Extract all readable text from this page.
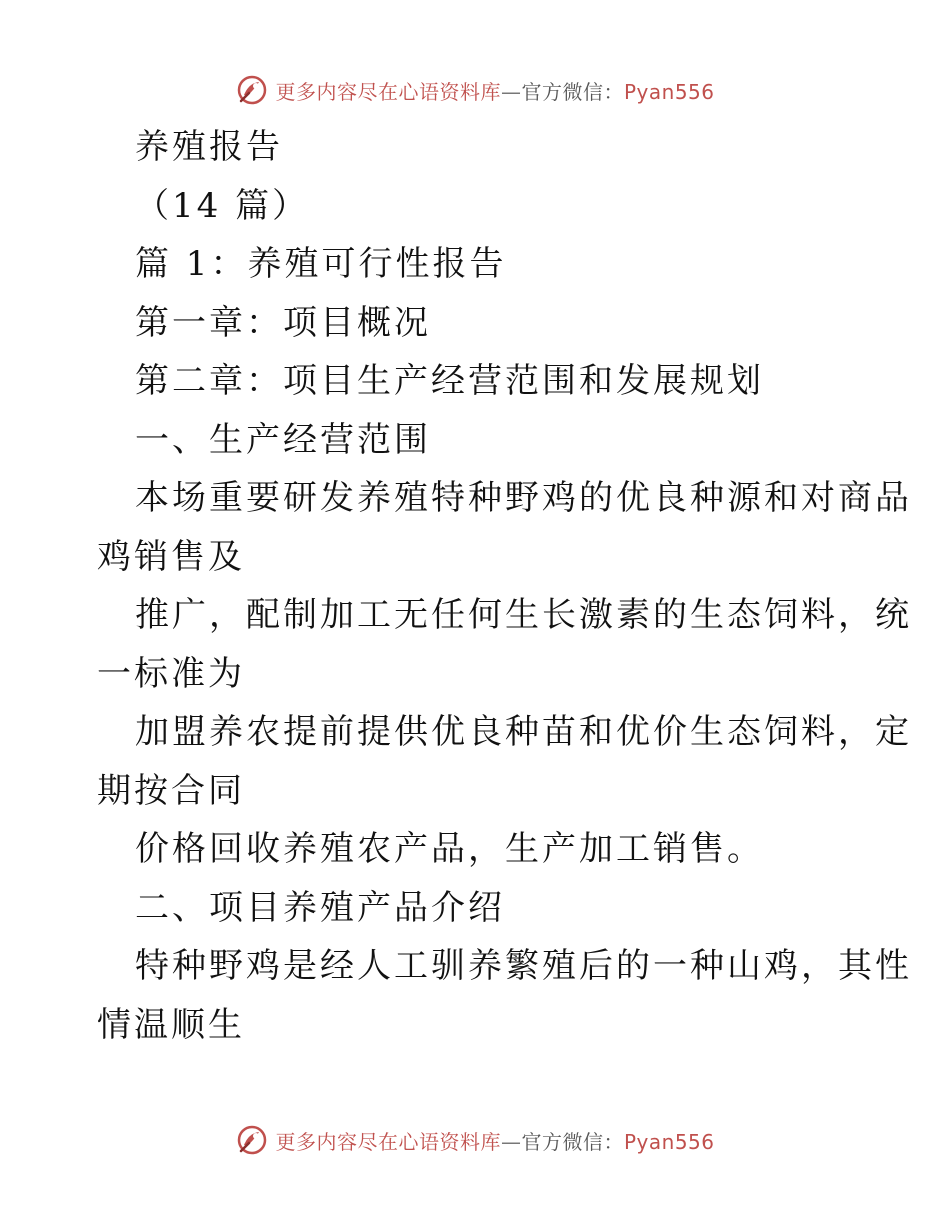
更多内容尽在心语资料库—官方微信：Pyan556
养殖报告
（14 篇）
篇 1：养殖可行性报告
第一章：项目概况
第二章：项目生产经营范围和发展规划
一、生产经营范围
本场重要研发养殖特种野鸡的优良种源和对商品
鸡销售及
推广，配制加工无任何生长激素的生态饲料，统
一标准为
加盟养农提前提供优良种苗和优价生态饲料，定
期按合同
价格回收养殖农产品，生产加工销售。
二、项目养殖产品介绍
特种野鸡是经人工驯养繁殖后的一种山鸡，其性
情温顺生
更多内容尽在心语资料库—官方微信：Pyan556
